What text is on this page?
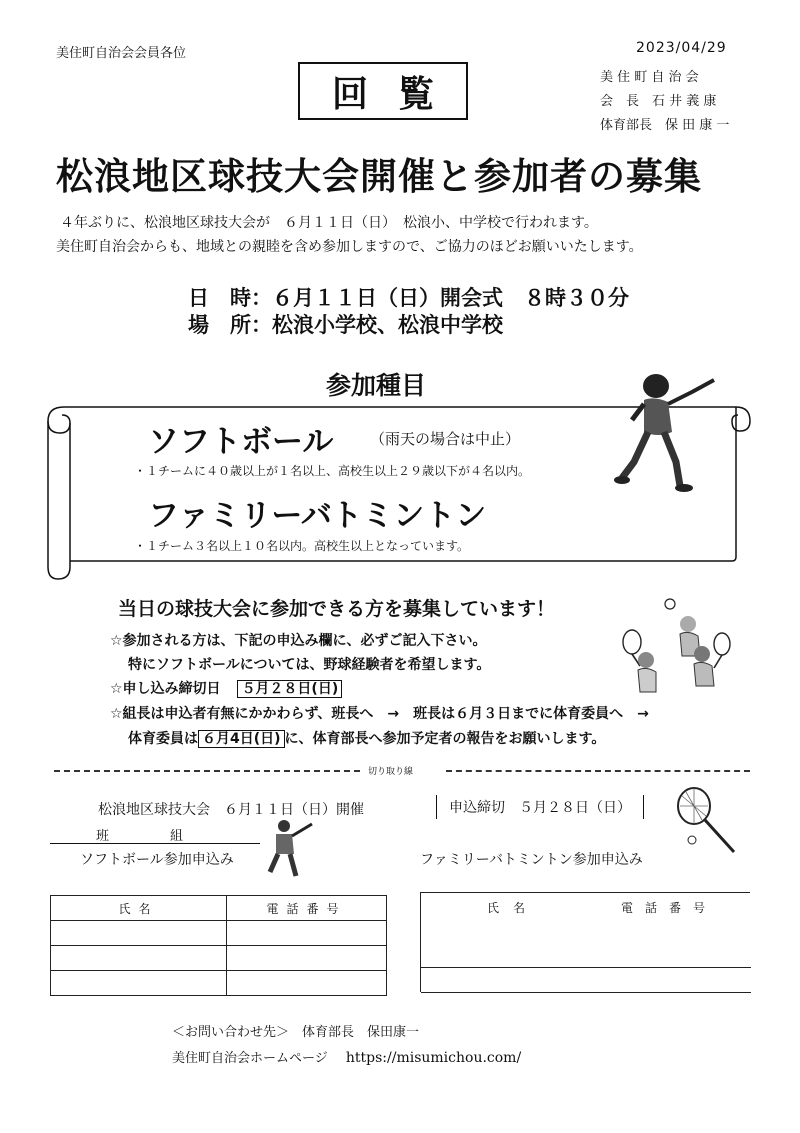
美住町自治会会員各位	2023/04/29
回覧	美 住 町 自 治 会
会　長　石 井 義 康
体育部長　保 田 康 一
松浪地区球技大会開催と参加者の募集
４年ぶりに、松浪地区球技大会が　６月１１日（日）　松浪小、中学校で行われます。
美住町自治会からも、地域との親睦を含め参加しますので、ご協力のほどお願いいたします。
日　時：６月１１日（日）開会式　８時３０分
場　所：松浪小学校、松浪中学校
参加種目
ソフトボール （雨天の場合は中止）
・１チームに４０歳以上が１名以上、高校生以上２９歳以下が４名以内。
ファミリーバトミントン
・１チーム３名以上１０名以内。高校生以上となっています。
当日の球技大会に参加できる方を募集しています！
☆参加される方は、下記の申込み欄に、必ずご記入下さい。
特にソフトボールについては、野球経験者を希望します。
☆申し込み締切日 ５月２８日(日)
☆組長は申込者有無にかかわらず、班長へ　→　班長は６月３日までに体育委員へ　→
体育委員は ６月4日(日) に、体育部長へ参加予定者の報告をお願いします。
切り取り線
松浪地区球技大会　６月１１日（日）開催	申込締切　５月２８日（日）
班	組
ソフトボール参加申込み	ファミリーバトミントン参加申込み
氏名	電話番号

		氏名	電話番号
＜お問い合わせ先＞　体育部長　保田康一
美住町自治会ホームページ https://misumichou.com/
